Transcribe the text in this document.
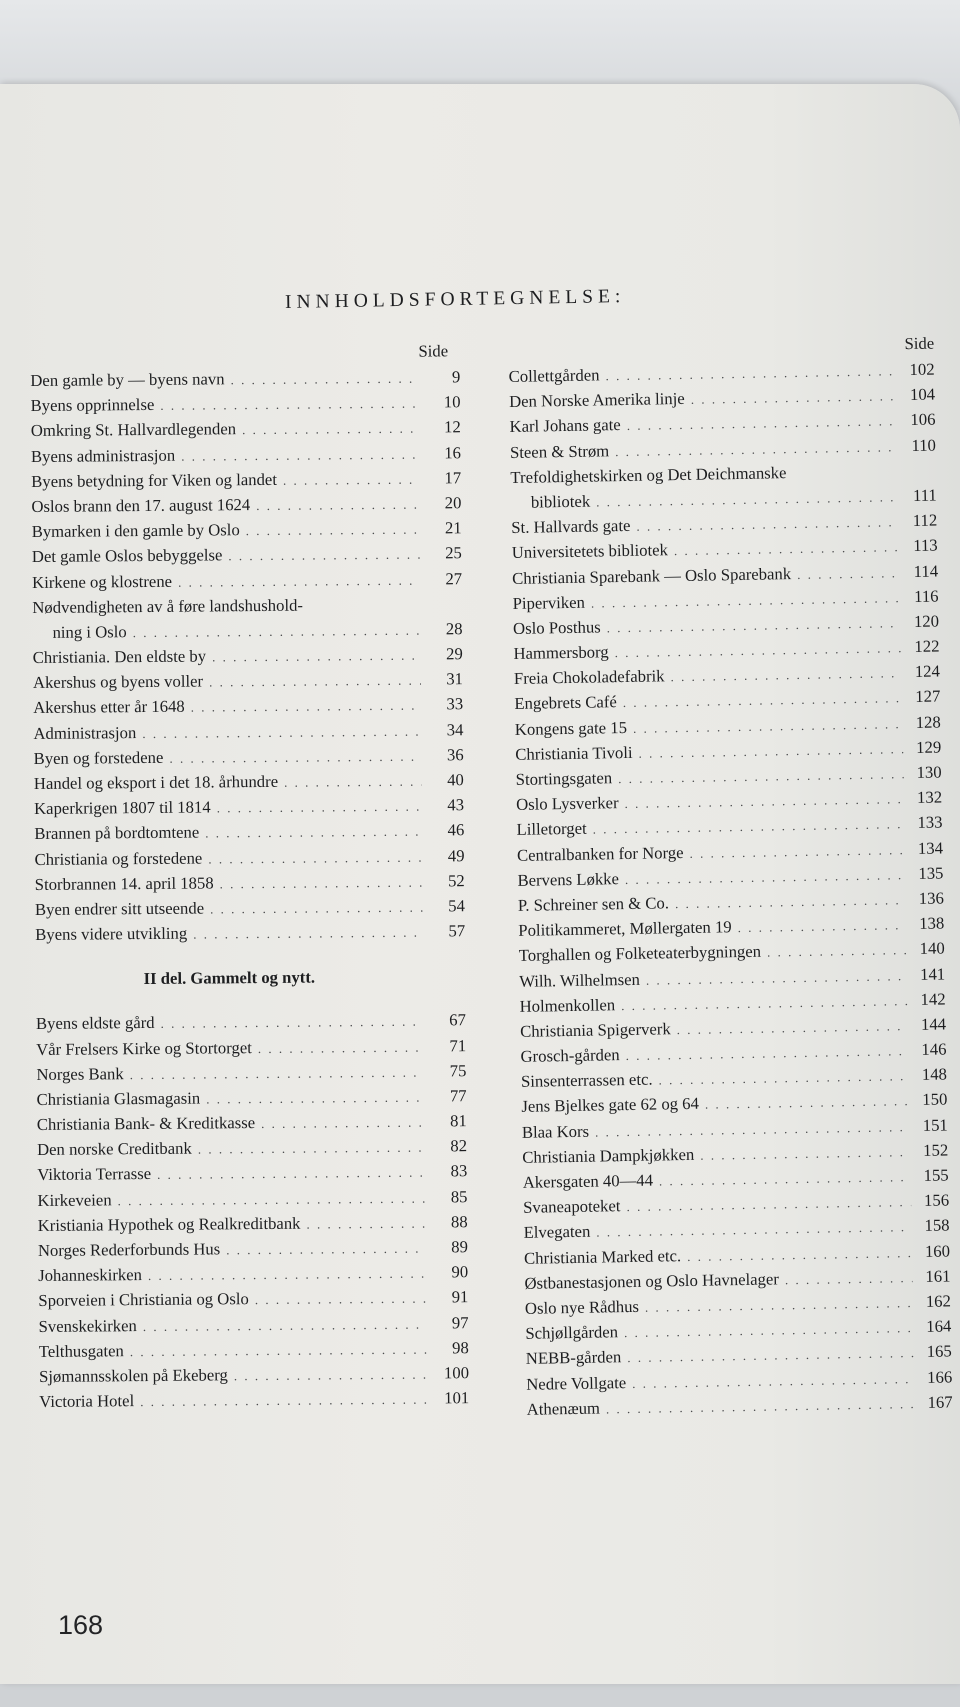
INNHOLDSFORTEGNELSE:
Side
Den gamle by — byens navn . . .	9
Byens opprinnelse . . .	10
Omkring St. Hallvardlegenden . . .	12
Byens administrasjon . . .	16
Byens betydning for Viken og landet . . .	17
Oslos brann den 17. august 1624 . . .	20
Bymarken i den gamle by Oslo . . .	21
Det gamle Oslos bebyggelse . . .	25
Kirkene og klostrene . . .	27
Nødvendigheten av å føre landshushold-
ning i Oslo . . .	28
Christiania. Den eldste by . . .	29
Akershus og byens voller . . .	31
Akershus etter år 1648 . . .	33
Administrasjon . . .	34
Byen og forstedene . . .	36
Handel og eksport i det 18. århundre . . .	40
Kaperkrigen 1807 til 1814 . . .	43
Brannen på bordtomtene . . .	46
Christiania og forstedene . . .	49
Storbrannen 14. april 1858 . . .	52
Byen endrer sitt utseende . . .	54
Byens videre utvikling . . .	57
II del. Gammelt og nytt.
Byens eldste gård . . .	67
Vår Frelsers Kirke og Stortorget . . .	71
Norges Bank . . .	75
Christiania Glasmagasin . . .	77
Christiania Bank- & Kreditkasse . . .	81
Den norske Creditbank . . .	82
Viktoria Terrasse . . .	83
Kirkeveien . . .	85
Kristiania Hypothek og Realkreditbank . . .	88
Norges Rederforbunds Hus . . .	89
Johanneskirken . . .	90
Sporveien i Christiania og Oslo . . .	91
Svenskekirken . . .	97
Telthusgaten . . .	98
Sjømannsskolen på Ekeberg . . .	100
Victoria Hotel . . .	101
Side
Collettgården . . .	102
Den Norske Amerika linje . . .	104
Karl Johans gate . . .	106
Steen & Strøm . . .	110
Trefoldighetskirken og Det Deichmanske
bibliotek . . .	111
St. Hallvards gate . . .	112
Universitetets bibliotek . . .	113
Christiania Sparebank — Oslo Sparebank . . .	114
Piperviken . . .	116
Oslo Posthus . . .	120
Hammersborg . . .	122
Freia Chokoladefabrik . . .	124
Engebrets Café . . .	127
Kongens gate 15 . . .	128
Christiania Tivoli . . .	129
Stortingsgaten . . .	130
Oslo Lysverker . . .	132
Lilletorget . . .	133
Centralbanken for Norge . . .	134
Bervens Løkke . . .	135
P. Schreiner sen & Co. . . .	136
Politikammeret, Møllergaten 19 . . .	138
Torghallen og Folketeaterbygningen . . .	140
Wilh. Wilhelmsen . . .	141
Holmenkollen . . .	142
Christiania Spigerverk . . .	144
Grosch-gården . . .	146
Sinsenterrassen etc. . . .	148
Jens Bjelkes gate 62 og 64 . . .	150
Blaa Kors . . .	151
Christiania Dampkjøkken . . .	152
Akersgaten 40—44 . . .	155
Svaneapoteket . . .	156
Elvegaten . . .	158
Christiania Marked etc. . . .	160
Østbanestasjonen og Oslo Havnelager . . .	161
Oslo nye Rådhus . . .	162
Schjøllgården . . .	164
NEBB-gården . . .	165
Nedre Vollgate . . .	166
Athenæum . . .	167
168
